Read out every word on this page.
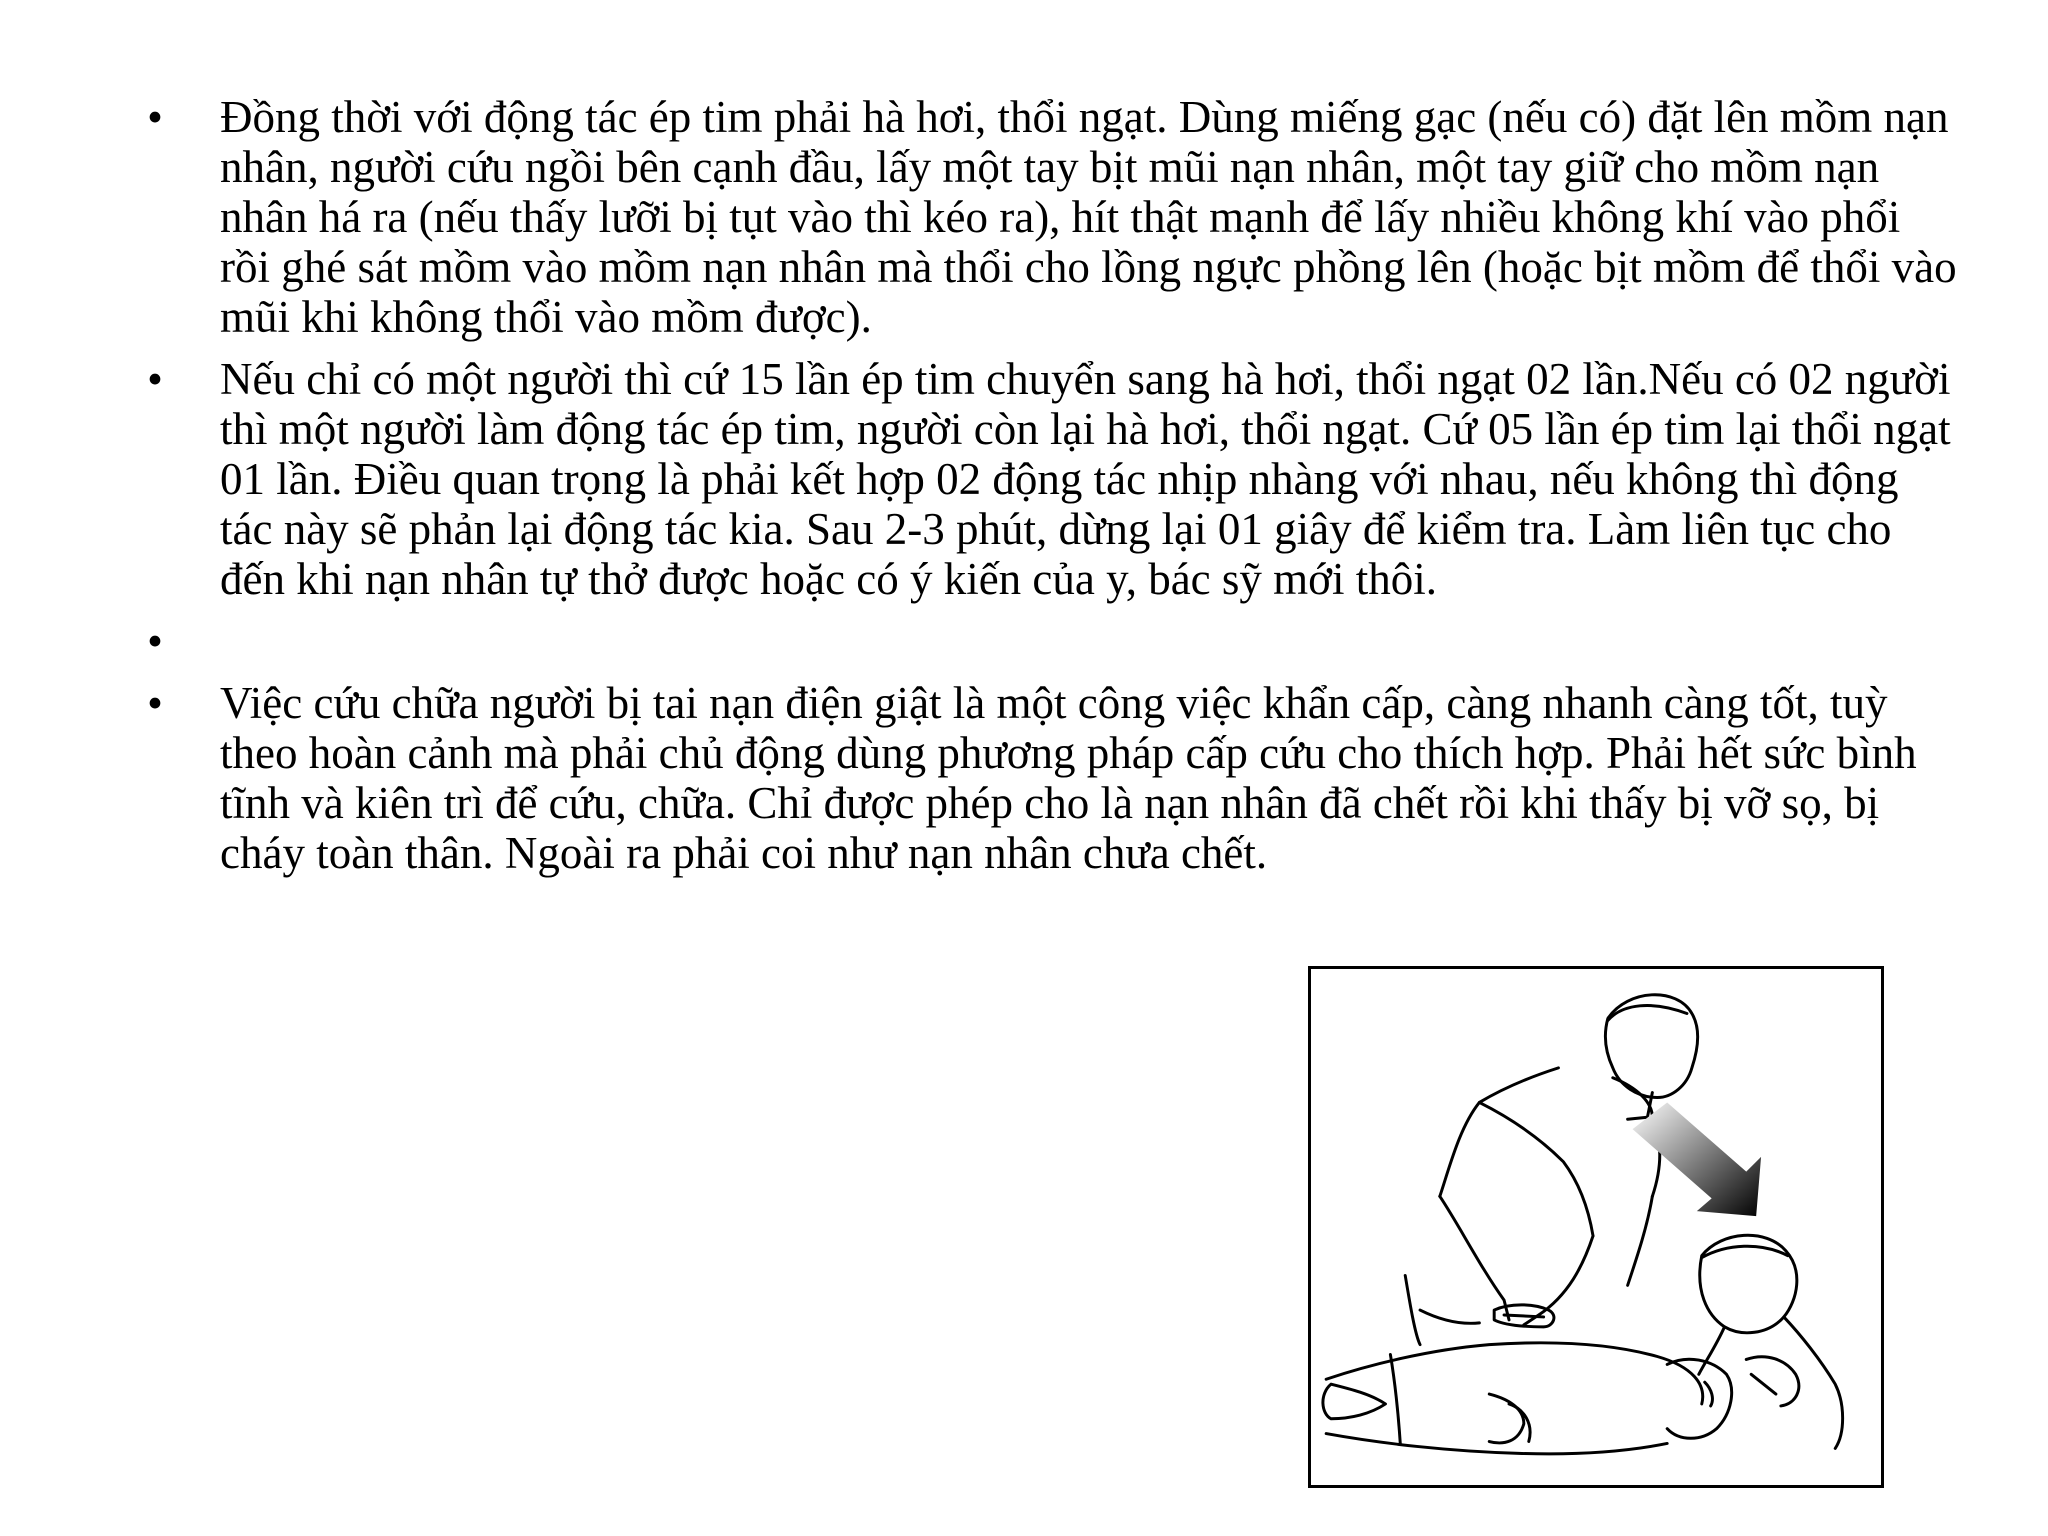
• Đồng thời với động tác ép tim phải hà hơi, thổi ngạt. Dùng miếng gạc (nếu có) đặt lên mồm nạn nhân, người cứu ngồi bên cạnh đầu, lấy một tay bịt mũi nạn nhân, một tay giữ cho mồm nạn nhân há ra (nếu thấy lưỡi bị tụt vào thì kéo ra), hít thật mạnh để lấy nhiều không khí vào phổi rồi ghé sát mồm vào mồm nạn nhân mà thổi cho lồng ngực phồng lên (hoặc bịt mồm để thổi vào mũi khi không thổi vào mồm được).
• Nếu chỉ có một người thì cứ 15 lần ép tim chuyển sang hà hơi, thổi ngạt 02 lần.Nếu có 02 người thì một người làm động tác ép tim, người còn lại hà hơi, thổi ngạt. Cứ 05 lần ép tim lại thổi ngạt 01 lần. Điều quan trọng là phải kết hợp 02 động tác nhịp nhàng với nhau, nếu không thì động tác này sẽ phản lại động tác kia. Sau 2-3 phút, dừng lại 01 giây để kiểm tra. Làm liên tục cho đến khi nạn nhân tự thở được hoặc có ý kiến của y, bác sỹ mới thôi.
•
• Việc cứu chữa người bị tai nạn điện giật là một công việc khẩn cấp, càng nhanh càng tốt, tuỳ theo hoàn cảnh mà phải chủ động dùng phương pháp cấp cứu cho thích hợp. Phải hết sức bình tĩnh và kiên trì để cứu, chữa. Chỉ được phép cho là nạn nhân đã chết rồi khi thấy bị vỡ sọ, bị cháy toàn thân. Ngoài ra phải coi như nạn nhân chưa chết.
